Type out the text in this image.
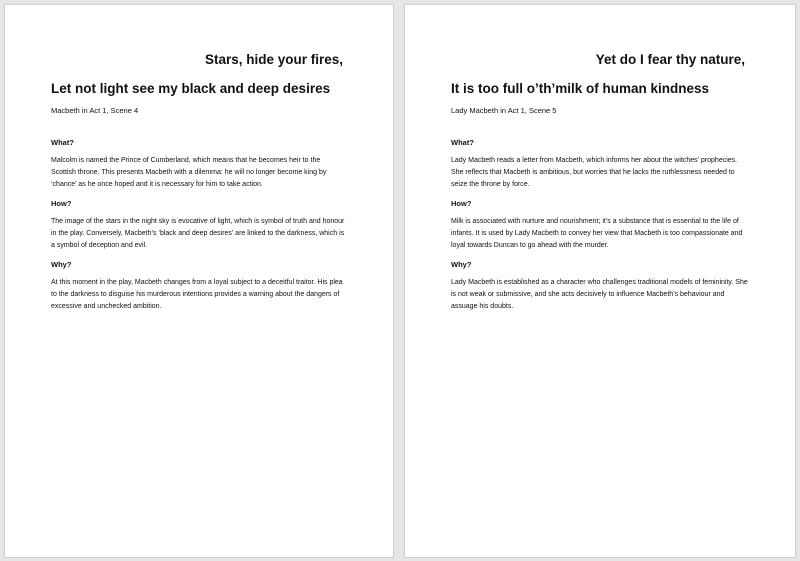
Stars, hide your fires,
Let not light see my black and deep desires
Macbeth in Act 1, Scene 4
What?
Malcolm is named the Prince of Cumberland, which means that he becomes heir to the Scottish throne. This presents Macbeth with a dilemma: he will no longer become king by ‘chance’ as he once hoped and it is necessary for him to take action.
How?
The image of the stars in the night sky is evocative of light, which is symbol of truth and honour in the play. Conversely, Macbeth’s ‘black and deep desires’ are linked to the darkness, which is a symbol of deception and evil.
Why?
At this moment in the play, Macbeth changes from a loyal subject to a deceitful traitor. His plea to the darkness to disguise his murderous intentions provides a warning about the dangers of excessive and unchecked ambition.
Yet do I fear thy nature,
It is too full o’th’milk of human kindness
Lady Macbeth in Act 1, Scene 5
What?
Lady Macbeth reads a letter from Macbeth, which informs her about the witches’ prophecies. She reflects that Macbeth is ambitious, but worries that he lacks the ruthlessness needed to seize the throne by force.
How?
Milk is associated with nurture and nourishment; it’s a substance that is essential to the life of infants. It is used by Lady Macbeth to convey her view that Macbeth is too compassionate and loyal towards Duncan to go ahead with the murder.
Why?
Lady Macbeth is established as a character who challenges traditional models of femininity. She is not weak or submissive, and she acts decisively to influence Macbeth’s behaviour and assuage his doubts.
